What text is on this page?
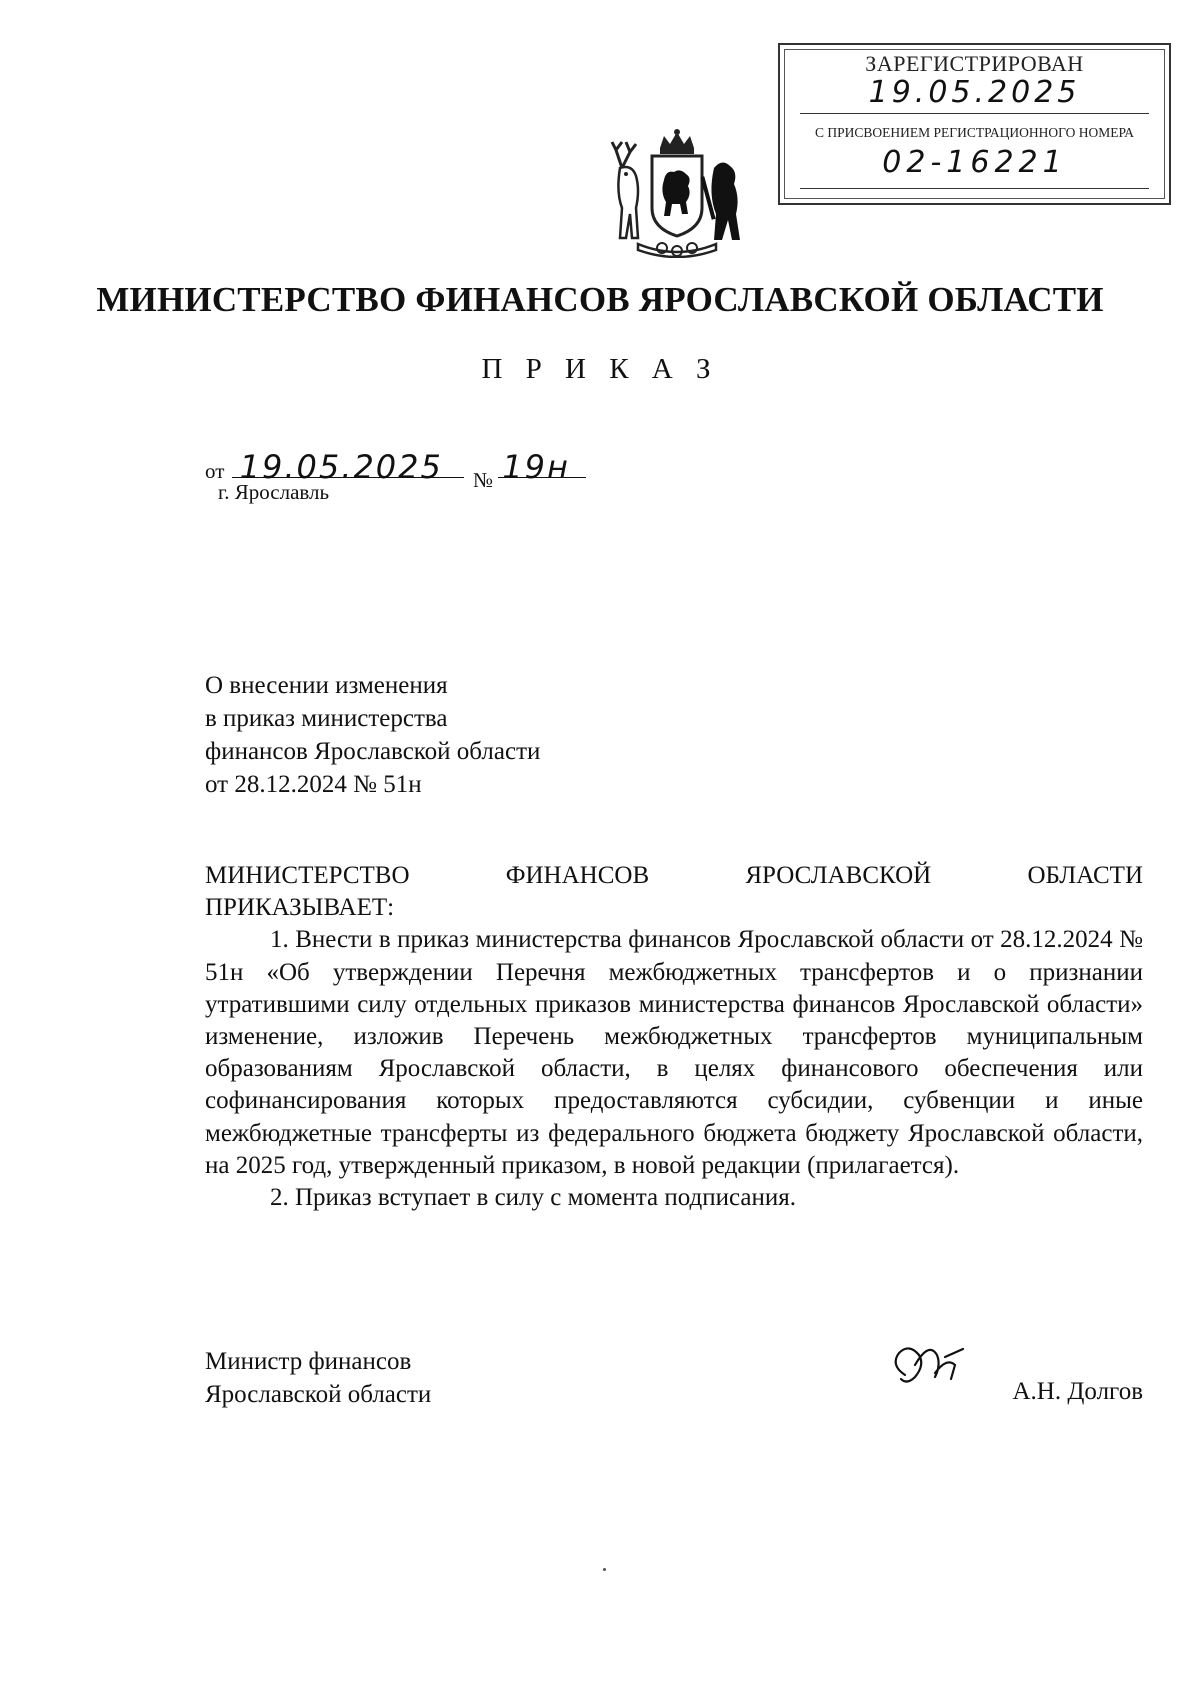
ЗАРЕГИСТРИРОВАН
19.05.2025
С ПРИСВОЕНИЕМ РЕГИСТРАЦИОННОГО НОМЕРА
02-16221
МИНИСТЕРСТВО ФИНАНСОВ ЯРОСЛАВСКОЙ ОБЛАСТИ
П Р И К А З
от 19.05.2025 № 19н
г. Ярославль
О внесении изменения
в приказ министерства
финансов Ярославской области
от 28.12.2024 № 51н

МИНИСТЕРСТВО ФИНАНСОВ ЯРОСЛАВСКОЙ ОБЛАСТИ

ПРИКАЗЫВАЕТ:

1. Внести в приказ министерства финансов Ярославской области от 28.12.2024 № 51н «Об утверждении Перечня межбюджетных трансфертов и о признании утратившими силу отдельных приказов министерства финансов Ярославской области» изменение, изложив Перечень межбюджетных трансфертов муниципальным образованиям Ярославской области, в целях финансового обеспечения или софинансирования которых предоставляются субсидии, субвенции и иные межбюджетные трансферты из федерального бюджета бюджету Ярославской области, на 2025 год, утвержденный приказом, в новой редакции (прилагается).

2. Приказ вступает в силу с момента подписания.

Министр финансов
Ярославской области	А.Н. Долгов
